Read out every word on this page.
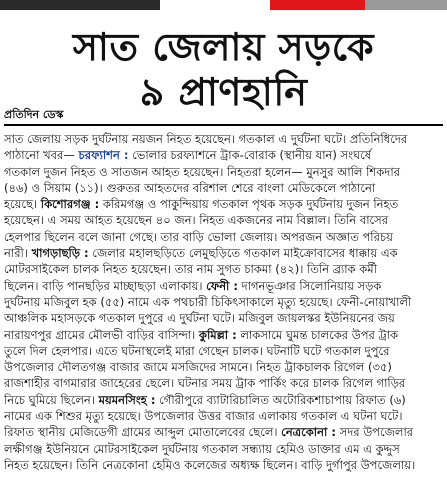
সাত জেলায় সড়কে
৯ প্রাণহানি
প্রতিদিন ডেস্ক
সাত জেলায় সড়ক দুর্ঘটনায় নয়জন নিহত হয়েছেন। গতকাল এ দুর্ঘটনা ঘটে। প্রতিনিধিদের
পাঠানো খবর— চরফ্যাশন : ভোলার চরফ্যাশনে ট্রাক-বোরাক (স্থানীয় যান) সংঘর্ষে
গতকাল দুজন নিহত ও সাতজন আহত হয়েছেন। নিহতরা হলেন— মুনসুর আলি শিকদার
(৪৬) ও সিয়াম (১১)। গুরুতর আহতদের বরিশাল শেরে বাংলা মেডিকেলে পাঠানো
হয়েছে। কিশোরগঞ্জ : করিমগঞ্জ ও পাকুন্দিয়ায় গতকাল পৃথক সড়ক দুর্ঘটনায় দুজন নিহত
হয়েছেন। এ সময় আহত হয়েছেন ৪০ জন। নিহত একজনের নাম বিল্লাল। তিনি বাসের
হেলপার ছিলেন বলে জানা গেছে। তার বাড়ি ভোলা জেলায়। অপরজন অজ্ঞাত পরিচয়
নারী। খাগড়াছড়ি : জেলার মহালছড়িতে লেমুছড়িতে গতকাল মাইক্রোবাসের ধাক্কায় এক
মোটরসাইকেল চালক নিহত হয়েছেন। তার নাম সুগত চাকমা (৪২)। তিনি ব্র্যাক কর্মী
ছিলেন। বাড়ি পানছড়ির মাচ্ছাছড়া এলাকায়। ফেনী : দাগনভূঞার সিলোনিয়ায় সড়ক
দুর্ঘটনায় মজিবুল হক (৫৫) নামে এক পথচারী চিকিৎসাকালে মৃত্যু হয়েছে। ফেনী-নোয়াখালী
আঞ্চলিক মহাসড়কে গতকাল দুপুরে এ দুর্ঘটনা ঘটে। মজিবুল জায়লস্কর ইউনিয়নের জয়
নারায়ণপুর গ্রামের মৌলভী বাড়ির বাসিন্দা। কুমিল্লা : লাকসামে ঘুমন্ত চালকের উপর ট্রাক
তুলে দিল হেলপার। এতে ঘটনাস্থলেই মারা গেছেন চালক। ঘটনাটি ঘটে গতকাল দুপুরে
উপজেলার দৌলতগঞ্জ বাজার জামে মসজিদের সামনে। নিহত ট্রাকচালক রিগেল (৩৫)
রাজশাহীর বাগমারার জাহেরের ছেলে। ঘটনার সময় ট্রাক পার্কিং করে চালক রিগেল গাড়ির
নিচে ঘুমিয়ে ছিলেন। ময়মনসিংহ : গৌরীপুরে ব্যাটারিচালিত অটোরিকশাচাপায় রিফাত (৬)
নামের এক শিশুর মৃত্যু হয়েছে। উপজেলার উত্তর বাজার এলাকায় গতকাল এ ঘটনা ঘটে।
রিফাত স্থানীয় মেজিডেগী গ্রামের আব্দুল মোতালেবের ছেলে। নেত্রকোনা : সদর উপজেলার
লক্ষীগঞ্জ ইউনিয়নে মোটরসাইকেল দুর্ঘটনায় গতকাল সন্ধ্যায় হেমিও ডাক্তার এম এ কুদ্দুস
নিহত হয়েছেন। তিনি নেত্রকোনা হেমিও কলেজের অধ্যক্ষ ছিলেন। বাড়ি দুর্গাপুর উপজেলায়।
